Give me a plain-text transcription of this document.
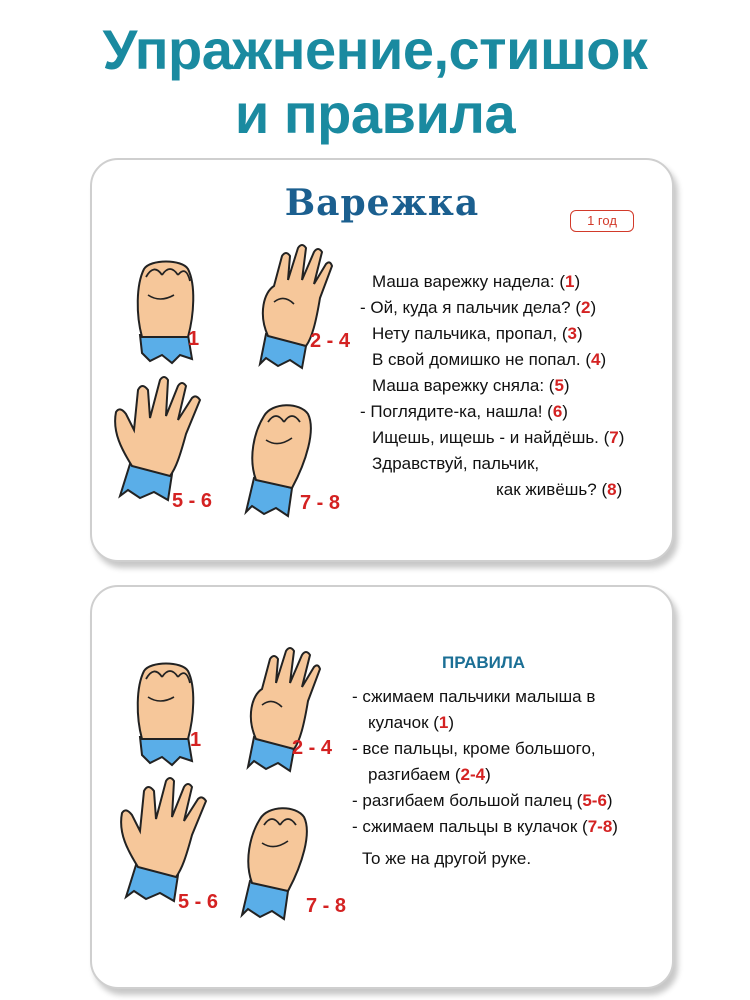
Упражнение,стишок
и правила
Варежка	1 год
1	2 - 4
5 - 6	7 - 8
Маша варежку надела: (1)
- Ой, куда я пальчик дела? (2)
Нету пальчика, пропал, (3)
В свой домишко не попал. (4)
Маша варежку сняла: (5)
- Поглядите-ка, нашла! (6)
Ищешь, ищешь - и найдёшь. (7)
Здравствуй, пальчик,
как живёшь? (8)
1	2 - 4
5 - 6	7 - 8
ПРАВИЛА
- сжимаем пальчики малыша в
кулачок (1)
- все пальцы, кроме большого,
разгибаем (2-4)
- разгибаем большой палец (5-6)
- сжимаем пальцы в кулачок (7-8)
То же на другой руке.
